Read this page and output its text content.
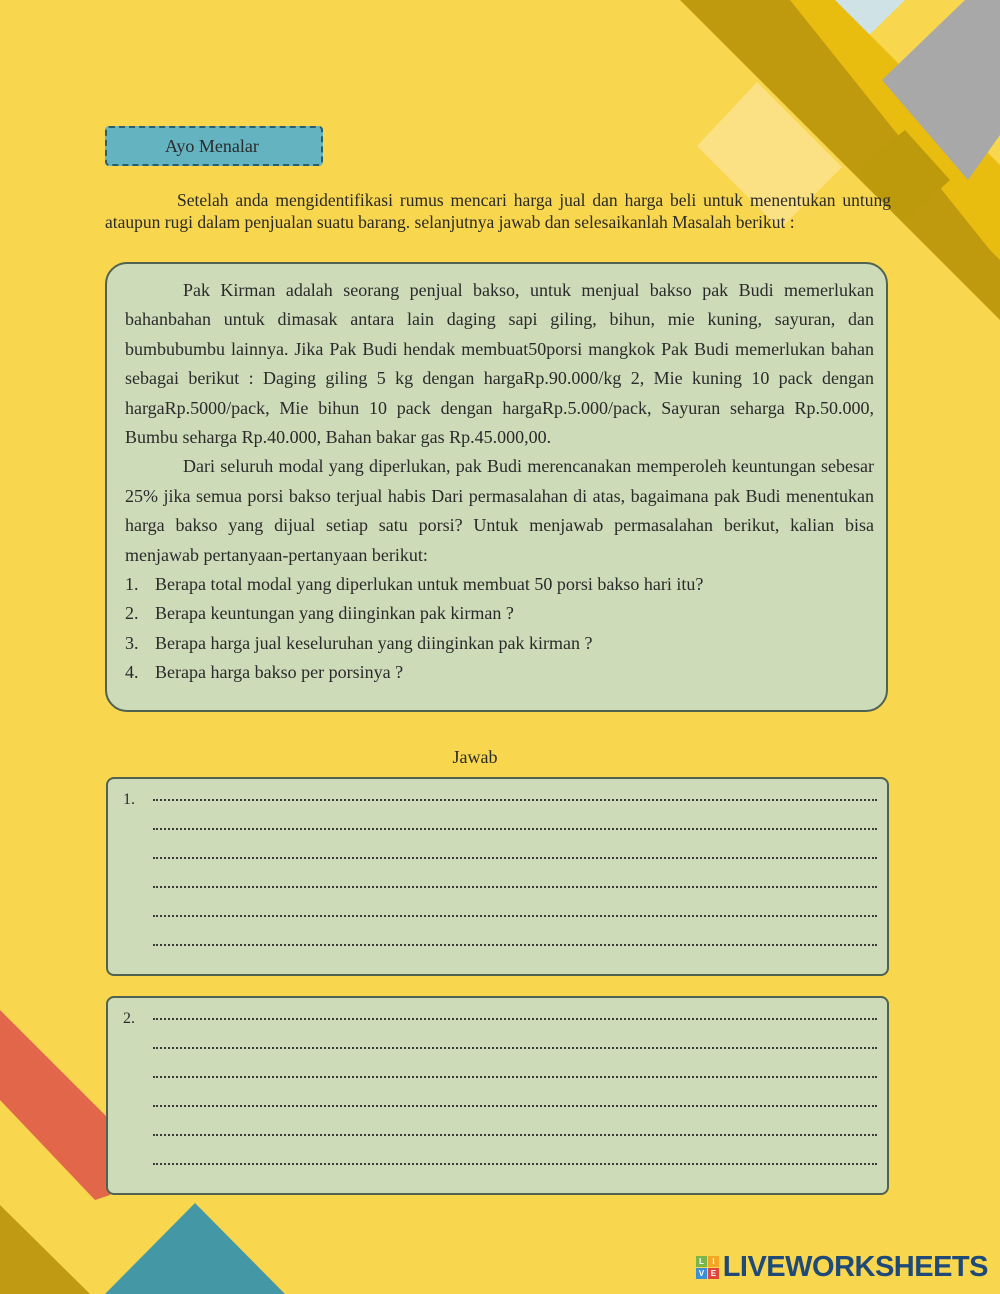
Ayo Menalar
Setelah anda mengidentifikasi rumus mencari harga jual dan harga beli untuk menentukan untung ataupun rugi dalam penjualan suatu barang. selanjutnya jawab dan selesaikanlah Masalah berikut :

Pak Kirman adalah seorang penjual bakso, untuk menjual bakso pak Budi memerlukan bahanbahan untuk dimasak antara lain daging sapi giling, bihun, mie kuning, sayuran, dan bumbubumbu lainnya. Jika Pak Budi hendak membuat50porsi mangkok Pak Budi memerlukan bahan sebagai berikut : Daging giling 5 kg dengan hargaRp.90.000/kg 2, Mie kuning 10 pack dengan hargaRp.5000/pack, Mie bihun 10 pack dengan hargaRp.5.000/pack, Sayuran seharga Rp.50.000, Bumbu seharga Rp.40.000, Bahan bakar gas Rp.45.000,00.

Dari seluruh modal yang diperlukan, pak Budi merencanakan memperoleh keuntungan sebesar 25% jika semua porsi bakso terjual habis Dari permasalahan di atas, bagaimana pak Budi menentukan harga bakso yang dijual setiap satu porsi? Untuk menjawab permasalahan berikut, kalian bisa menjawab pertanyaan-pertanyaan berikut:

1. Berapa total modal yang diperlukan untuk membuat 50 porsi bakso hari itu?
2. Berapa keuntungan yang diinginkan pak kirman ?
3. Berapa harga jual keseluruhan yang diinginkan pak kirman ?
4. Berapa harga bakso per porsinya ?
Jawab
1.
2.
L	I
V E LIVEWORKSHEETS
